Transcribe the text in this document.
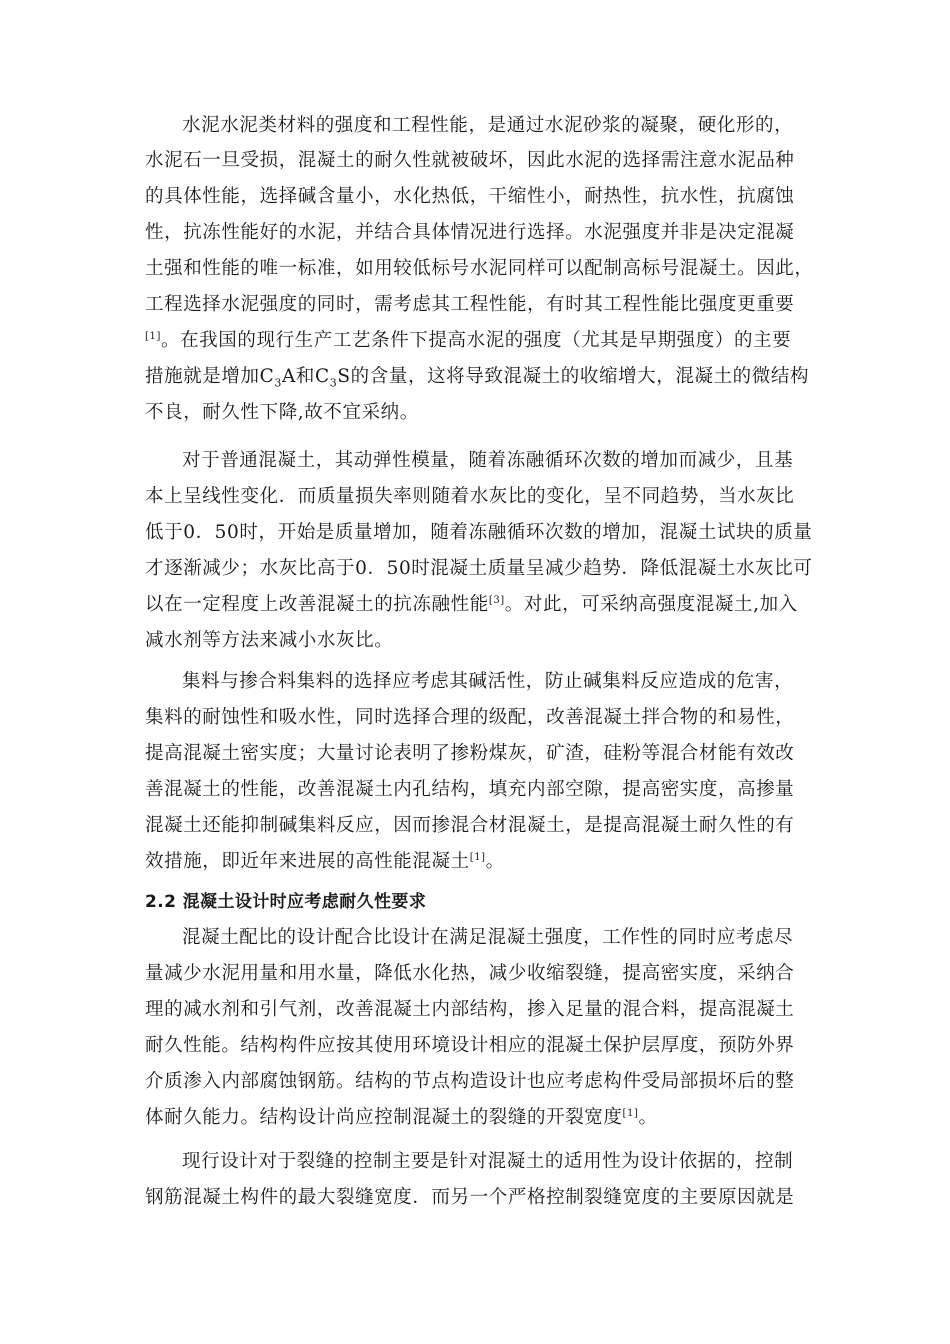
水泥水泥类材料的强度和工程性能，是通过水泥砂浆的凝聚，硬化形的，
水泥石一旦受损，混凝土的耐久性就被破坏，因此水泥的选择需注意水泥品种
的具体性能，选择碱含量小，水化热低，干缩性小，耐热性，抗水性，抗腐蚀
性，抗冻性能好的水泥，并结合具体情况进行选择。水泥强度并非是决定混凝
土强和性能的唯一标准，如用较低标号水泥同样可以配制高标号混凝土。因此，
工程选择水泥强度的同时，需考虑其工程性能，有时其工程性能比强度更重要
[1]。在我国的现行生产工艺条件下提高水泥的强度（尤其是早期强度）的主要
措施就是增加$C_3A$和$C_3S$的含量，这将导致混凝土的收缩增大，混凝土的微结构
不良，耐久性下降,故不宜采纳。
对于普通混凝土，其动弹性模量，随着冻融循环次数的增加而减少，且基
本上呈线性变化．而质量损失率则随着水灰比的变化，呈不同趋势，当水灰比
低于0．50时，开始是质量增加，随着冻融循环次数的增加，混凝土试块的质量
才逐渐减少；水灰比高于0．50时混凝土质量呈减少趋势．降低混凝土水灰比可
以在一定程度上改善混凝土的抗冻融性能[3]。对此，可采纳高强度混凝土,加入
减水剂等方法来减小水灰比。
集料与掺合料集料的选择应考虑其碱活性，防止碱集料反应造成的危害，
集料的耐蚀性和吸水性，同时选择合理的级配，改善混凝土拌合物的和易性，
提高混凝土密实度；大量讨论表明了掺粉煤灰，矿渣，硅粉等混合材能有效改
善混凝土的性能，改善混凝土内孔结构，填充内部空隙，提高密实度，高掺量
混凝土还能抑制碱集料反应，因而掺混合材混凝土，是提高混凝土耐久性的有
效措施，即近年来进展的高性能混凝土[1]。
2.2 混凝土设计时应考虑耐久性要求
混凝土配比的设计配合比设计在满足混凝土强度，工作性的同时应考虑尽
量减少水泥用量和用水量，降低水化热，减少收缩裂缝，提高密实度，采纳合
理的减水剂和引气剂，改善混凝土内部结构，掺入足量的混合料，提高混凝土
耐久性能。结构构件应按其使用环境设计相应的混凝土保护层厚度，预防外界
介质渗入内部腐蚀钢筋。结构的节点构造设计也应考虑构件受局部损坏后的整
体耐久能力。结构设计尚应控制混凝土的裂缝的开裂宽度[1]。
现行设计对于裂缝的控制主要是针对混凝土的适用性为设计依据的，控制
钢筋混凝土构件的最大裂缝宽度．而另一个严格控制裂缝宽度的主要原因就是
